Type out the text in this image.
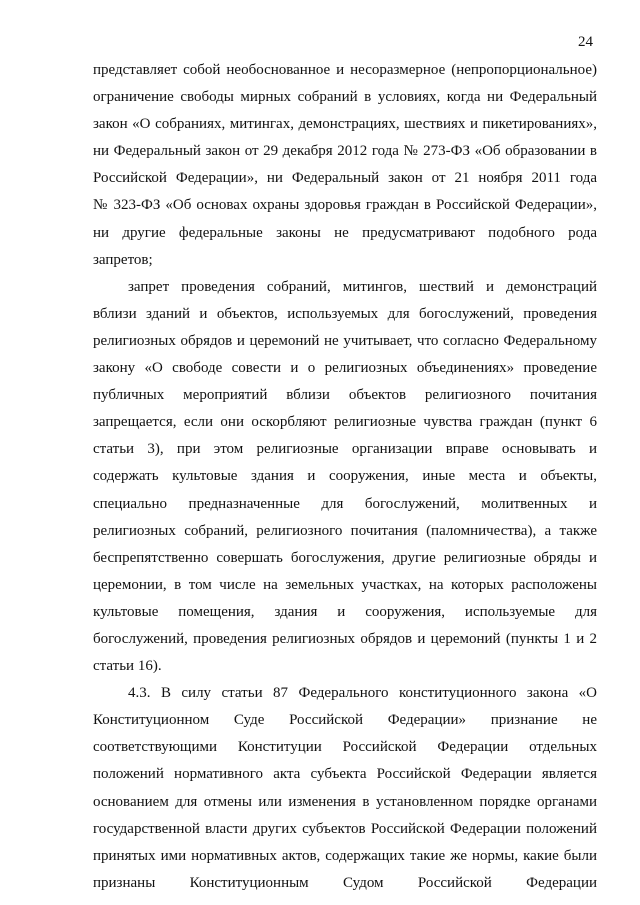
24
представляет собой необоснованное и несоразмерное (непропорциональное)
ограничение свободы мирных собраний в условиях, когда ни Федеральный
закон «О собраниях, митингах, демонстрациях, шествиях и пикетированиях»,
ни Федеральный закон от 29 декабря 2012 года № 273-ФЗ «Об образовании в
Российской Федерации», ни Федеральный закон от 21 ноября 2011 года
№ 323-ФЗ «Об основах охраны здоровья граждан в Российской Федерации»,
ни другие федеральные законы не предусматривают подобного рода
запретов;
запрет проведения собраний, митингов, шествий и демонстраций
вблизи зданий и объектов, используемых для богослужений, проведения
религиозных обрядов и церемоний не учитывает, что согласно Федеральному
закону «О свободе совести и о религиозных объединениях» проведение
публичных мероприятий вблизи объектов религиозного почитания
запрещается, если они оскорбляют религиозные чувства граждан (пункт 6
статьи 3), при этом религиозные организации вправе основывать и
содержать культовые здания и сооружения, иные места и объекты,
специально предназначенные для богослужений, молитвенных и
религиозных собраний, религиозного почитания (паломничества), а также
беспрепятственно совершать богослужения, другие религиозные обряды и
церемонии, в том числе на земельных участках, на которых расположены
культовые помещения, здания и сооружения, используемые для
богослужений, проведения религиозных обрядов и церемоний (пункты 1 и 2
статьи 16).
4.3. В силу статьи 87 Федерального конституционного закона «О
Конституционном Суде Российской Федерации» признание не
соответствующими Конституции Российской Федерации отдельных
положений нормативного акта субъекта Российской Федерации является
основанием для отмены или изменения в установленном порядке органами
государственной власти других субъектов Российской Федерации положений
принятых ими нормативных актов, содержащих такие же нормы, какие были
признаны Конституционным Судом Российской Федерации
